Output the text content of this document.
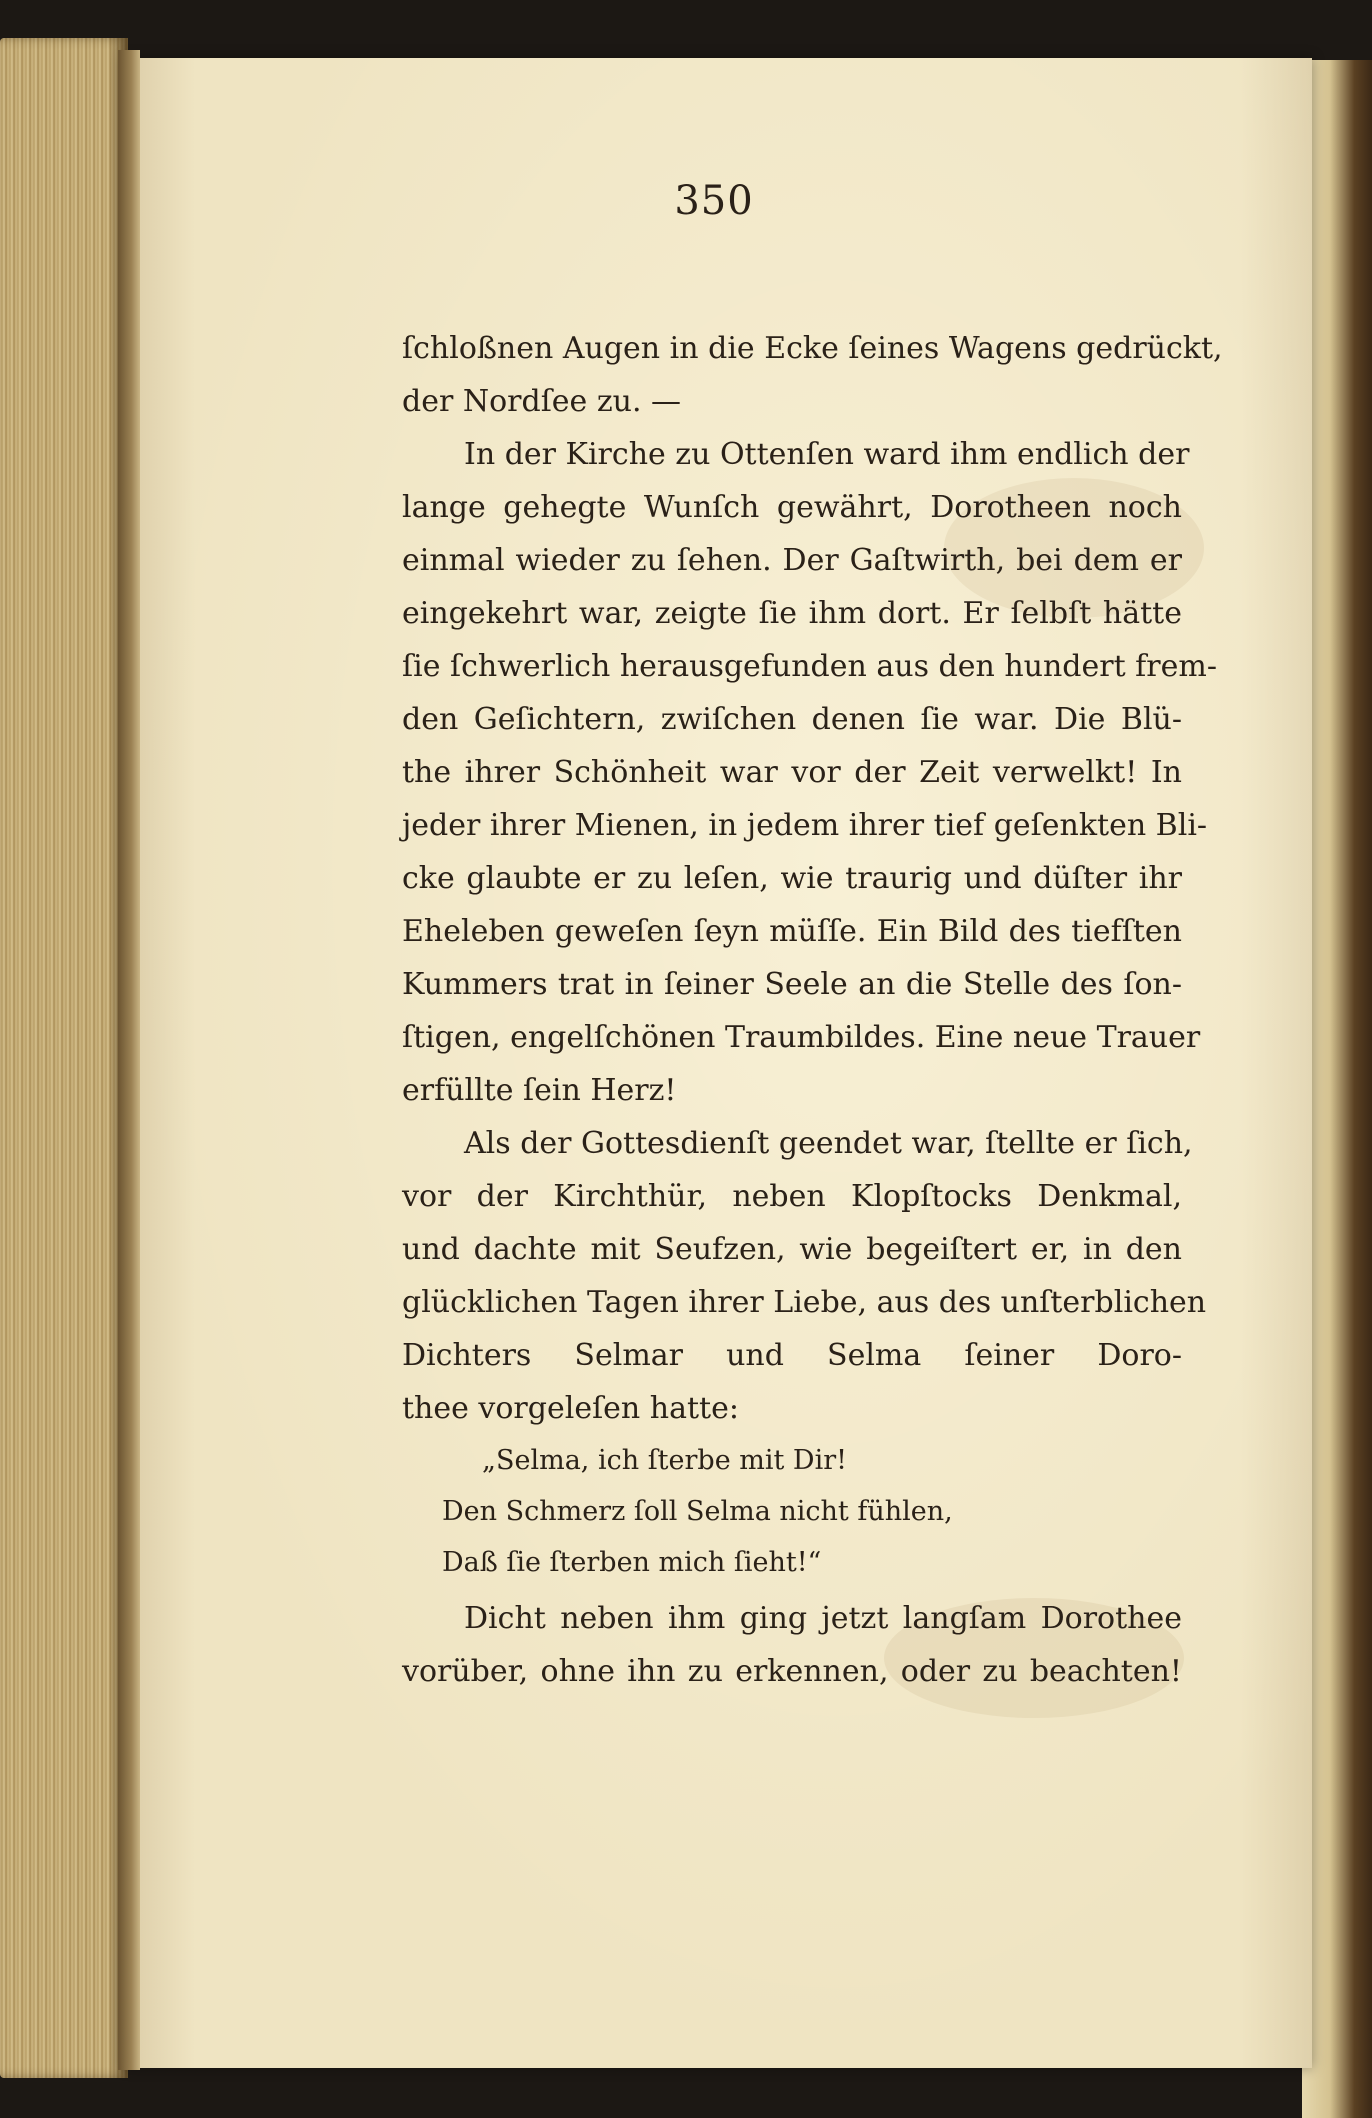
350
ſchloßnen Augen in die Ecke ſeines Wagens gedrückt,
der Nordſee zu. —
In der Kirche zu Ottenſen ward ihm endlich der
lange gehegte Wunſch gewährt, Dorotheen noch
einmal wieder zu ſehen. Der Gaſtwirth, bei dem er
eingekehrt war, zeigte ſie ihm dort. Er ſelbſt hätte
ſie ſchwerlich herausgefunden aus den hundert frem-
den Geſichtern, zwiſchen denen ſie war. Die Blü-
the ihrer Schönheit war vor der Zeit verwelkt! In
jeder ihrer Mienen, in jedem ihrer tief geſenkten Bli-
cke glaubte er zu leſen, wie traurig und düſter ihr
Eheleben geweſen ſeyn müſſe. Ein Bild des tiefſten
Kummers trat in ſeiner Seele an die Stelle des ſon-
ſtigen, engelſchönen Traumbildes. Eine neue Trauer
erfüllte ſein Herz!
Als der Gottesdienſt geendet war, ſtellte er ſich,
vor der Kirchthür, neben Klopſtocks Denkmal,
und dachte mit Seufzen, wie begeiſtert er, in den
glücklichen Tagen ihrer Liebe, aus des unſterblichen
Dichters Selmar und Selma ſeiner Doro-
thee vorgeleſen hatte:
„Selma, ich ſterbe mit Dir!
Den Schmerz ſoll Selma nicht fühlen,
Daß ſie ſterben mich ſieht!“
Dicht neben ihm ging jetzt langſam Dorothee
vorüber, ohne ihn zu erkennen, oder zu beachten!
